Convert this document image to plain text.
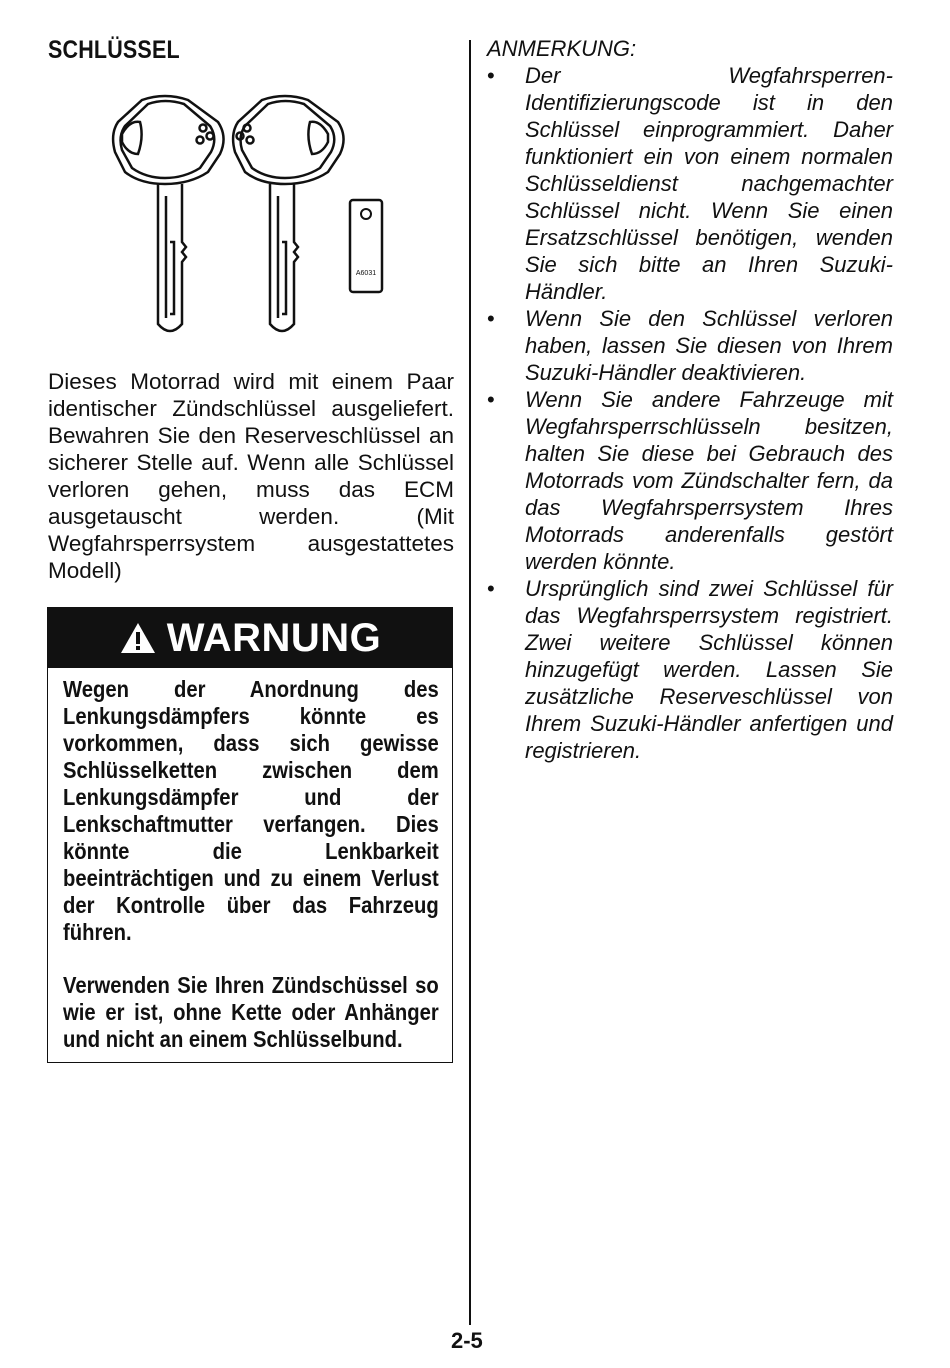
SCHLÜSSEL
A6031

Dieses Motorrad wird mit einem Paar identischer Zündschlüssel ausgeliefert. Bewahren Sie den Reserveschlüssel an sicherer Stelle auf. Wenn alle Schlüssel verloren gehen, muss das ECM ausgetauscht werden. (Mit Wegfahrsperrsystem ausgestattetes Modell)

WARNUNG

Wegen der Anordnung des Lenkungsdämpfers könnte es vorkommen, dass sich gewisse Schlüsselketten zwischen dem Lenkungsdämpfer und der Lenkschaftmutter verfangen. Dies könnte die Lenkbarkeit beeinträchtigen und zu einem Verlust der Kontrolle über das Fahrzeug führen.

Verwenden Sie Ihren Zündschüssel so wie er ist, ohne Kette oder Anhänger und nicht an einem Schlüsselbund.

ANMERKUNG:

• Der Wegfahrsperren-Identifizierungscode ist in den Schlüssel einprogrammiert. Daher funktioniert ein von einem normalen Schlüsseldienst nachgemachter Schlüssel nicht. Wenn Sie einen Ersatzschlüssel benötigen, wenden Sie sich bitte an Ihren Suzuki-Händler.
• Wenn Sie den Schlüssel verloren haben, lassen Sie diesen von Ihrem Suzuki-Händler deaktivieren.
• Wenn Sie andere Fahrzeuge mit Wegfahrsperrschlüsseln besitzen, halten Sie diese bei Gebrauch des Motorrads vom Zündschalter fern, da das Wegfahrsperrsystem Ihres Motorrads anderenfalls gestört werden könnte.
• Ursprünglich sind zwei Schlüssel für das Wegfahrsperrsystem registriert. Zwei weitere Schlüssel können hinzugefügt werden. Lassen Sie zusätzliche Reserveschlüssel von Ihrem Suzuki-Händler anfertigen und registrieren.

2-5
